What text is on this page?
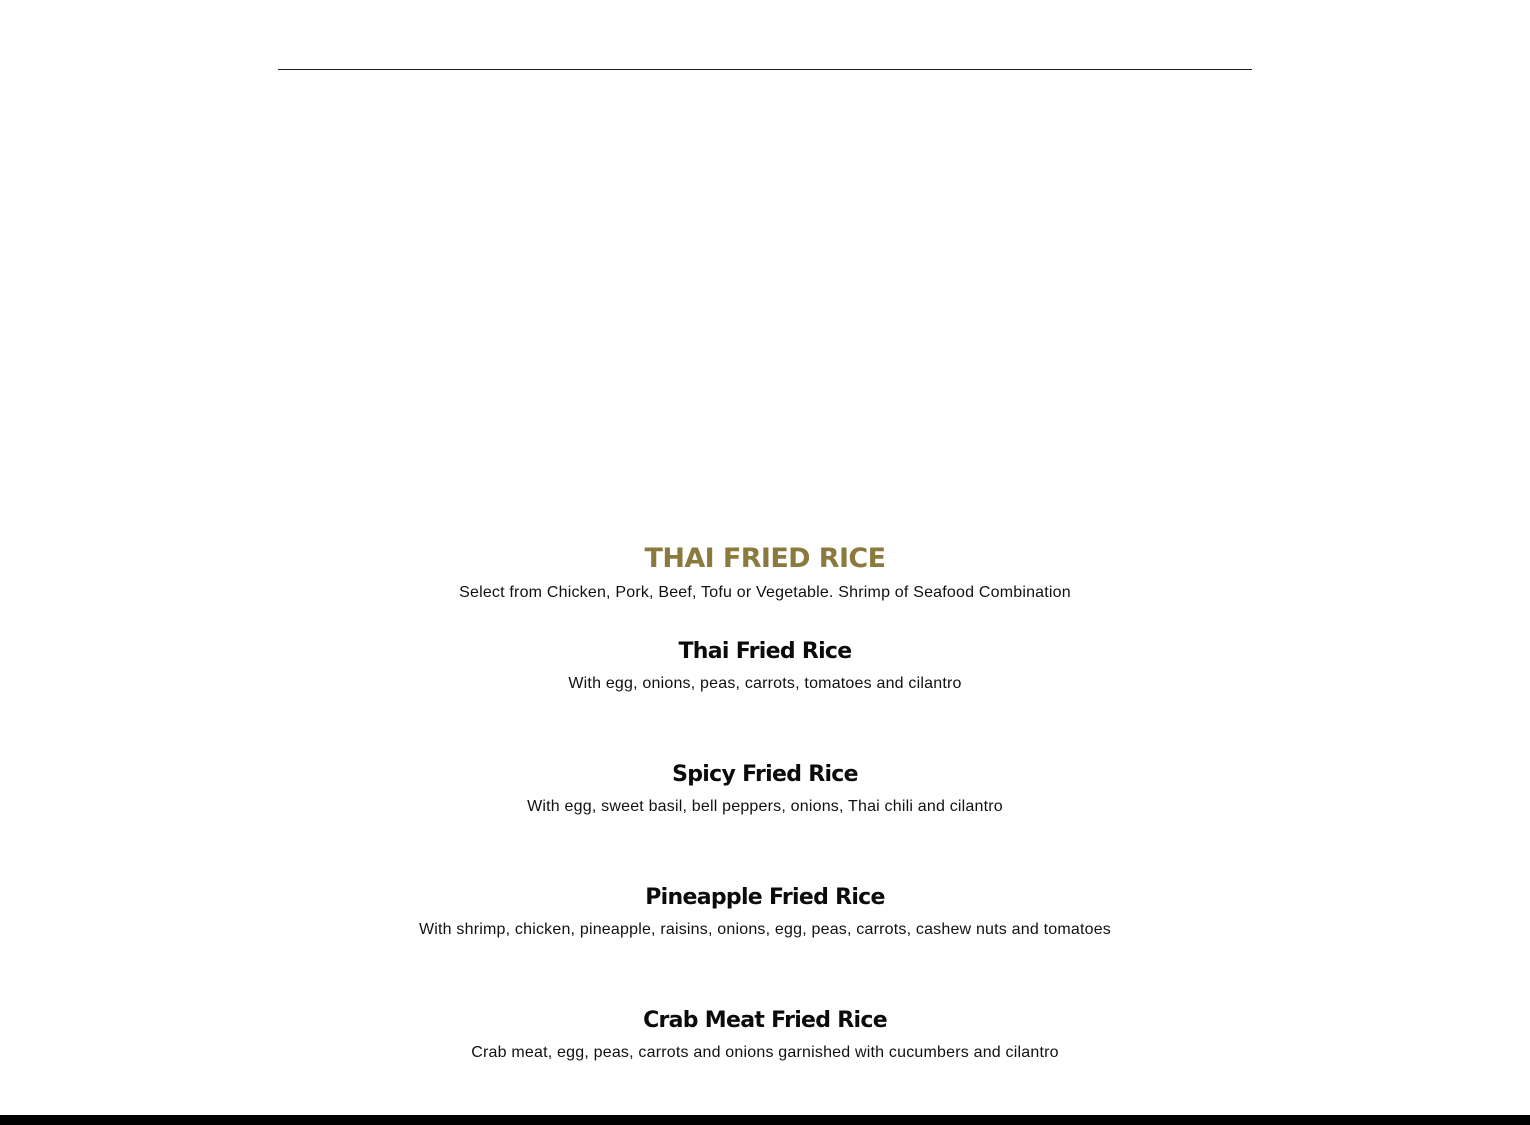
THAI FRIED RICE

Select from Chicken, Pork, Beef, Tofu or Vegetable. Shrimp of Seafood Combination

Thai Fried Rice

With egg, onions, peas, carrots, tomatoes and cilantro

Spicy Fried Rice

With egg, sweet basil, bell peppers, onions, Thai chili and cilantro

Pineapple Fried Rice

With shrimp, chicken, pineapple, raisins, onions, egg, peas, carrots, cashew nuts and tomatoes

Crab Meat Fried Rice

Crab meat, egg, peas, carrots and onions garnished with cucumbers and cilantro
